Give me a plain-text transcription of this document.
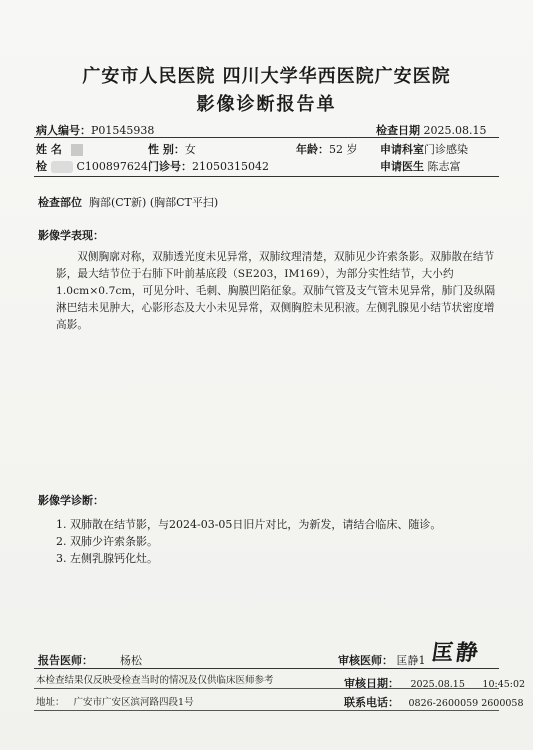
广安市人民医院 四川大学华西医院广安医院
影像诊断报告单
病人编号：P01545938	检查日期 2025.08.15
姓 名	性 别：女	年龄：52 岁 申请科室门诊感染
检	C100897624 门诊号：21050315042	申请医生 陈志富
检查部位 胸部(CT新) (胸部CT平扫)
影像学表现：
双侧胸廓对称，双肺透光度未见异常，双肺纹理清楚，双肺见少许索条影。双肺散在结节影，最大结节位于右肺下叶前基底段（SE203，IM169），为部分实性结节，大小约1.0cm×0.7cm，可见分叶、毛刺、胸膜凹陷征象。双肺气管及支气管未见异常，肺门及纵隔淋巴结未见肿大，心影形态及大小未见异常，双侧胸腔未见积液。左侧乳腺见小结节状密度增高影。
影像学诊断：
1. 双肺散在结节影，与2024-03-05日旧片对比，为新发，请结合临床、随诊。
2. 双肺少许索条影。
3. 左侧乳腺钙化灶。
报告医师： 杨松	审核医师： 匡静1 匡静
本检查结果仅反映受检查当时的情况及仅供临床医师参考	审核日期： 2025.08.15 10:45:02
地址： 广安市广安区滨河路四段1号	联系电话： 0826-2600059 2600058
